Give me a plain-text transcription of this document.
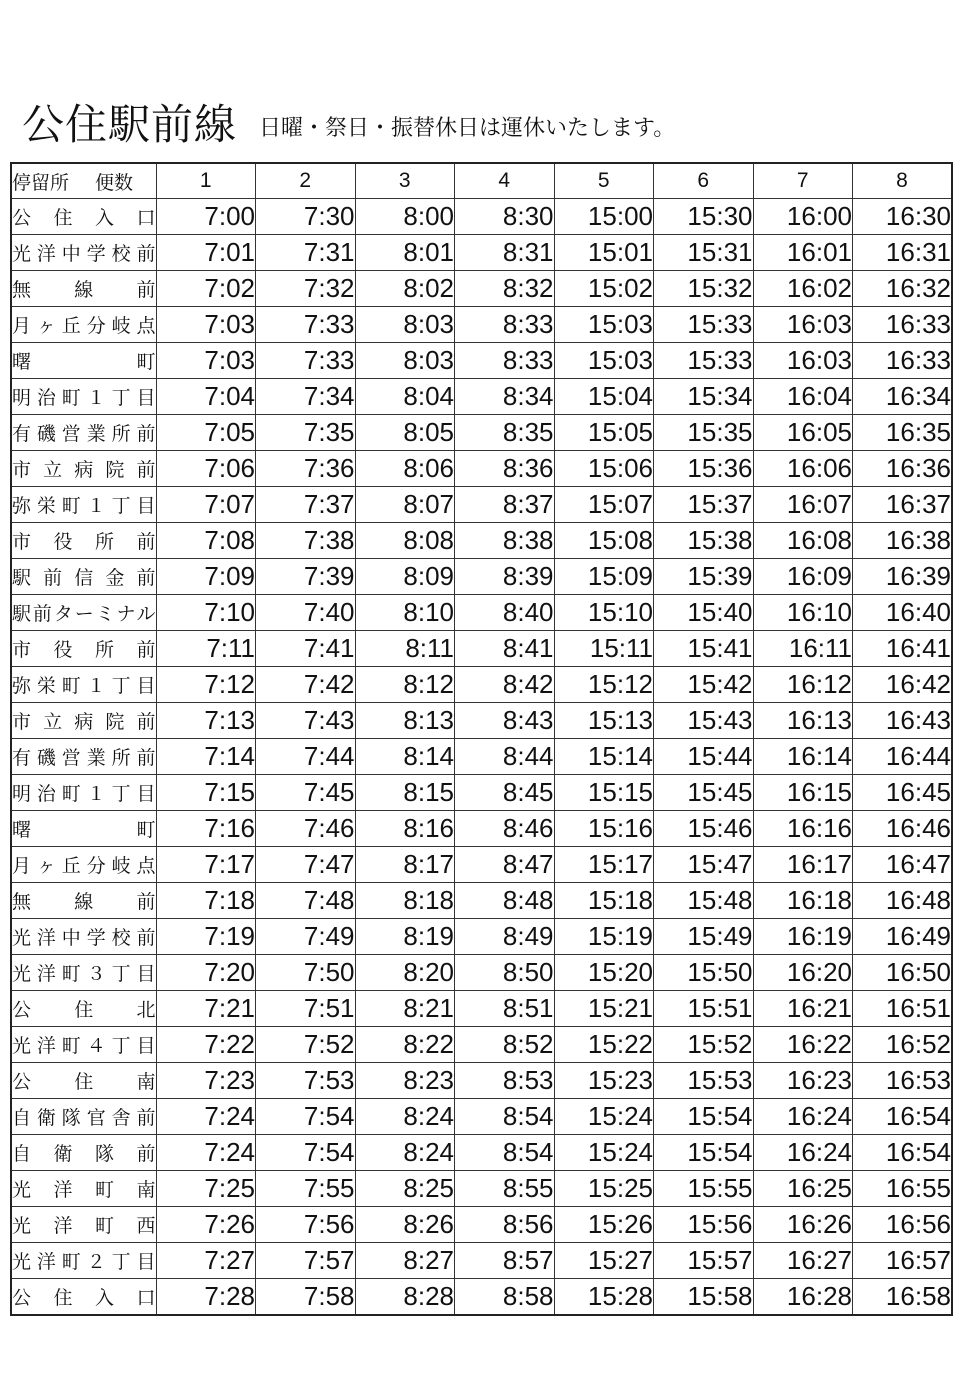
公住駅前線 日曜・祭日・振替休日は運休いたします。
停留所 便数	1	2	3	4	5	6	7	8

公住入口	7:00	7:30	8:00	8:30	15:00	15:30	16:00	16:30

光洋中学校前	7:01	7:31	8:01	8:31	15:01	15:31	16:01	16:31

無線前	7:02	7:32	8:02	8:32	15:02	15:32	16:02	16:32

月ヶ丘分岐点	7:03	7:33	8:03	8:33	15:03	15:33	16:03	16:33

曙町	7:03	7:33	8:03	8:33	15:03	15:33	16:03	16:33

明治町１丁目	7:04	7:34	8:04	8:34	15:04	15:34	16:04	16:34

有磯営業所前	7:05	7:35	8:05	8:35	15:05	15:35	16:05	16:35

市立病院前	7:06	7:36	8:06	8:36	15:06	15:36	16:06	16:36

弥栄町１丁目	7:07	7:37	8:07	8:37	15:07	15:37	16:07	16:37

市役所前	7:08	7:38	8:08	8:38	15:08	15:38	16:08	16:38

駅前信金前	7:09	7:39	8:09	8:39	15:09	15:39	16:09	16:39

駅前ターミナル	7:10	7:40	8:10	8:40	15:10	15:40	16:10	16:40

市役所前	7:11	7:41	8:11	8:41	15:11	15:41	16:11	16:41

弥栄町１丁目	7:12	7:42	8:12	8:42	15:12	15:42	16:12	16:42

市立病院前	7:13	7:43	8:13	8:43	15:13	15:43	16:13	16:43

有磯営業所前	7:14	7:44	8:14	8:44	15:14	15:44	16:14	16:44

明治町１丁目	7:15	7:45	8:15	8:45	15:15	15:45	16:15	16:45

曙町	7:16	7:46	8:16	8:46	15:16	15:46	16:16	16:46

月ヶ丘分岐点	7:17	7:47	8:17	8:47	15:17	15:47	16:17	16:47

無線前	7:18	7:48	8:18	8:48	15:18	15:48	16:18	16:48

光洋中学校前	7:19	7:49	8:19	8:49	15:19	15:49	16:19	16:49

光洋町３丁目	7:20	7:50	8:20	8:50	15:20	15:50	16:20	16:50

公住北	7:21	7:51	8:21	8:51	15:21	15:51	16:21	16:51

光洋町４丁目	7:22	7:52	8:22	8:52	15:22	15:52	16:22	16:52

公住南	7:23	7:53	8:23	8:53	15:23	15:53	16:23	16:53

自衛隊官舎前	7:24	7:54	8:24	8:54	15:24	15:54	16:24	16:54

自衛隊前	7:24	7:54	8:24	8:54	15:24	15:54	16:24	16:54

光洋町南	7:25	7:55	8:25	8:55	15:25	15:55	16:25	16:55

光洋町西	7:26	7:56	8:26	8:56	15:26	15:56	16:26	16:56

光洋町２丁目	7:27	7:57	8:27	8:57	15:27	15:57	16:27	16:57

公住入口	7:28	7:58	8:28	8:58	15:28	15:58	16:28	16:58
